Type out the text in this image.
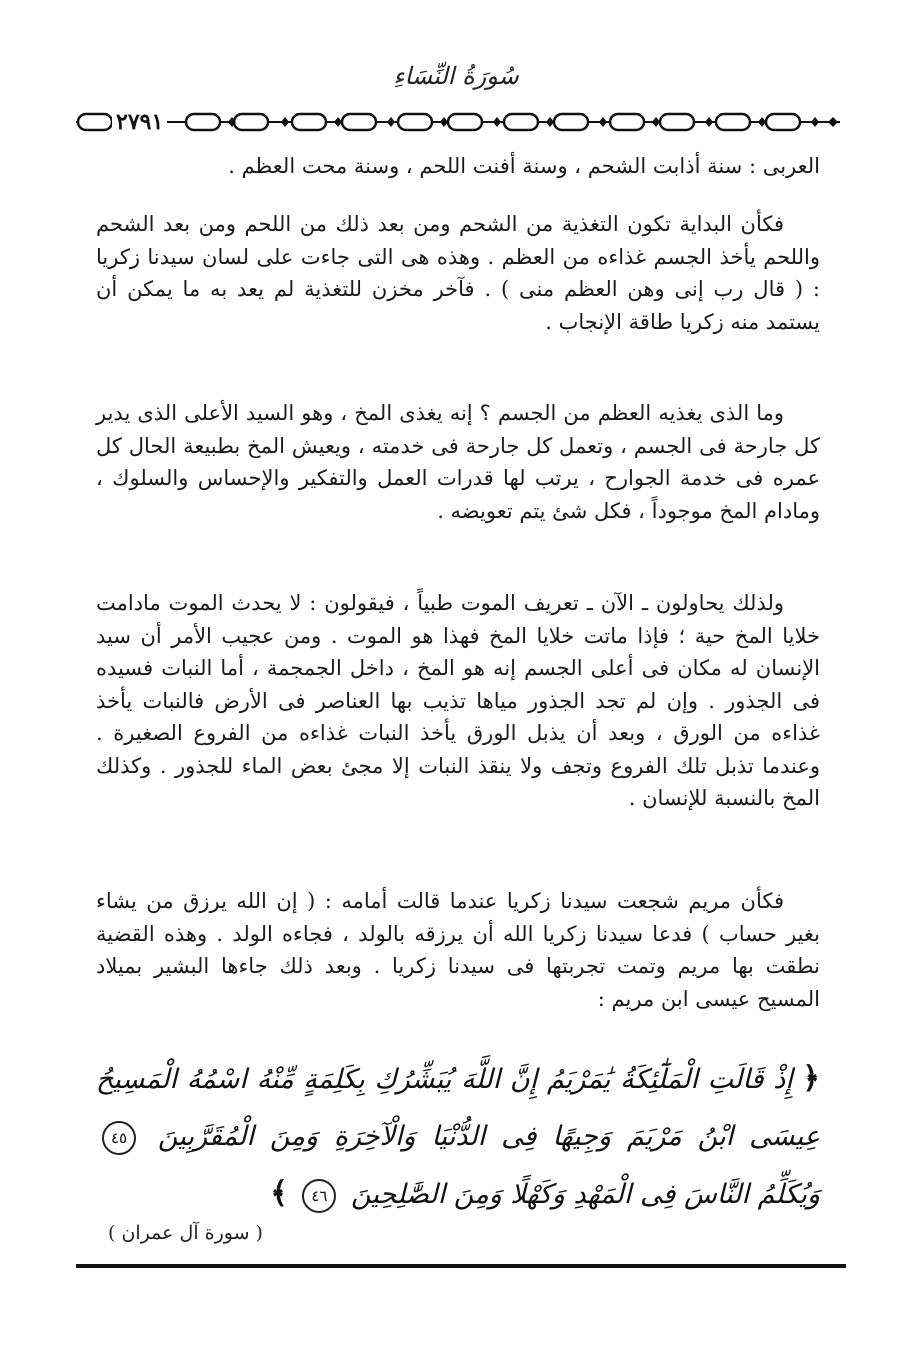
سُورَةُ النِّسَاءِ
٢٧٩١

العربى : سنة أذابت الشحم ، وسنة أفنت اللحم ، وسنة محت العظم .

فكأن البداية تكون التغذية من الشحم ومن بعد ذلك من اللحم ومن بعد الشحم واللحم يأخذ الجسم غذاءه من العظم . وهذه هى التى جاءت على لسان سيدنا زكريا : ( قال رب إنى وهن العظم منى ) . فآخر مخزن للتغذية لم يعد به ما يمكن أن يستمد منه زكريا طاقة الإنجاب .

وما الذى يغذيه العظم من الجسم ؟ إنه يغذى المخ ، وهو السيد الأعلى الذى يدير كل جارحة فى الجسم ، وتعمل كل جارحة فى خدمته ، ويعيش المخ بطبيعة الحال كل عمره فى خدمة الجوارح ، يرتب لها قدرات العمل والتفكير والإحساس والسلوك ، ومادام المخ موجوداً ، فكل شئ يتم تعويضه .

ولذلك يحاولون ـ الآن ـ تعريف الموت طبياً ، فيقولون : لا يحدث الموت مادامت خلايا المخ حية ؛ فإذا ماتت خلايا المخ فهذا هو الموت . ومن عجيب الأمر أن سيد الإنسان له مكان فى أعلى الجسم إنه هو المخ ، داخل الجمجمة ، أما النبات فسيده فى الجذور . وإن لم تجد الجذور مياها تذيب بها العناصر فى الأرض فالنبات يأخذ غذاءه من الورق ، وبعد أن يذبل الورق يأخذ النبات غذاءه من الفروع الصغيرة . وعندما تذبل تلك الفروع وتجف ولا ينقذ النبات إلا مجئ بعض الماء للجذور . وكذلك المخ بالنسبة للإنسان .

فكأن مريم شجعت سيدنا زكريا عندما قالت أمامه : ( إن الله يرزق من يشاء بغير حساب ) فدعا سيدنا زكريا الله أن يرزقه بالولد ، فجاءه الولد . وهذه القضية نطقت بها مريم وتمت تجربتها فى سيدنا زكريا . وبعد ذلك جاءها البشير بميلاد المسيح عيسى ابن مريم :

﴿ إِذْ قَالَتِ الْمَلَٰٓئِكَةُ يَٰمَرْيَمُ إِنَّ اللَّهَ يُبَشِّرُكِ بِكَلِمَةٍ مِّنْهُ اسْمُهُ الْمَسِيحُ عِيسَى ابْنُ مَرْيَمَ وَجِيهًا فِى الدُّنْيَا وَالْآخِرَةِ وَمِنَ الْمُقَرَّبِينَ ٤٥ وَيُكَلِّمُ النَّاسَ فِى الْمَهْدِ وَكَهْلًا وَمِنَ الصَّٰلِحِينَ ٤٦ ﴾
( سورة آل عمران )
